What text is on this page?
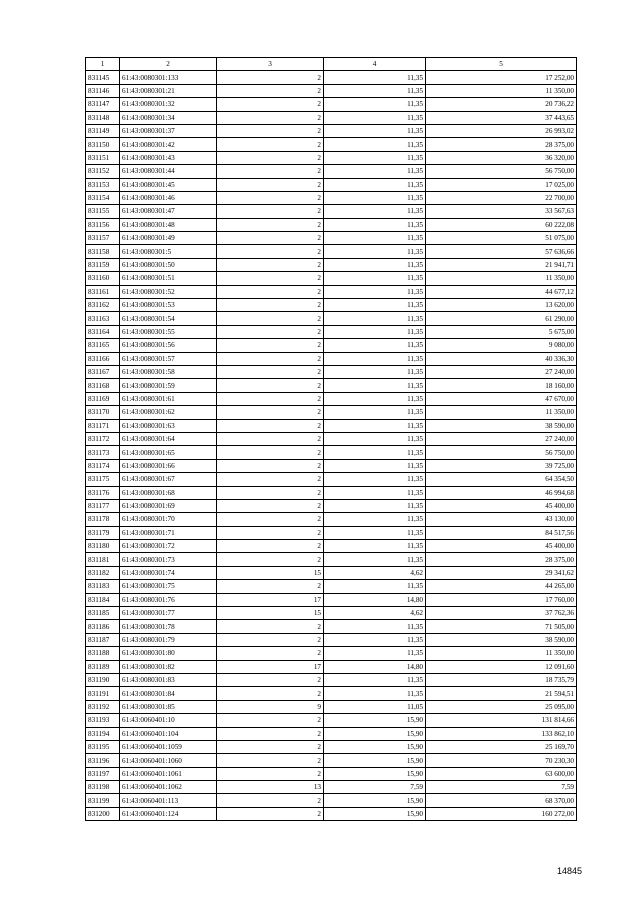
1	2	3	4	5
831145	61:43:0080301:133	2	11,35	17 252,00
831146	61:43:0080301:21	2	11,35	11 350,00
831147	61:43:0080301:32	2	11,35	20 736,22
831148	61:43:0080301:34	2	11,35	37 443,65
831149	61:43:0080301:37	2	11,35	26 993,02
831150	61:43:0080301:42	2	11,35	28 375,00
831151	61:43:0080301:43	2	11,35	36 320,00
831152	61:43:0080301:44	2	11,35	56 750,00
831153	61:43:0080301:45	2	11,35	17 025,00
831154	61:43:0080301:46	2	11,35	22 700,00
831155	61:43:0080301:47	2	11,35	33 567,63
831156	61:43:0080301:48	2	11,35	60 222,08
831157	61:43:0080301:49	2	11,35	51 075,00
831158	61:43:0080301:5	2	11,35	57 636,66
831159	61:43:0080301:50	2	11,35	21 941,71
831160	61:43:0080301:51	2	11,35	11 350,00
831161	61:43:0080301:52	2	11,35	44 677,12
831162	61:43:0080301:53	2	11,35	13 620,00
831163	61:43:0080301:54	2	11,35	61 290,00
831164	61:43:0080301:55	2	11,35	5 675,00
831165	61:43:0080301:56	2	11,35	9 080,00
831166	61:43:0080301:57	2	11,35	40 336,30
831167	61:43:0080301:58	2	11,35	27 240,00
831168	61:43:0080301:59	2	11,35	18 160,00
831169	61:43:0080301:61	2	11,35	47 670,00
831170	61:43:0080301:62	2	11,35	11 350,00
831171	61:43:0080301:63	2	11,35	38 590,00
831172	61:43:0080301:64	2	11,35	27 240,00
831173	61:43:0080301:65	2	11,35	56 750,00
831174	61:43:0080301:66	2	11,35	39 725,00
831175	61:43:0080301:67	2	11,35	64 354,50
831176	61:43:0080301:68	2	11,35	46 994,68
831177	61:43:0080301:69	2	11,35	45 400,00
831178	61:43:0080301:70	2	11,35	43 130,00
831179	61:43:0080301:71	2	11,35	84 517,56
831180	61:43:0080301:72	2	11,35	45 400,00
831181	61:43:0080301:73	2	11,35	28 375,00
831182	61:43:0080301:74	15	4,62	29 341,62
831183	61:43:0080301:75	2	11,35	44 265,00
831184	61:43:0080301:76	17	14,80	17 760,00
831185	61:43:0080301:77	15	4,62	37 762,36
831186	61:43:0080301:78	2	11,35	71 505,00
831187	61:43:0080301:79	2	11,35	38 590,00
831188	61:43:0080301:80	2	11,35	11 350,00
831189	61:43:0080301:82	17	14,80	12 091,60
831190	61:43:0080301:83	2	11,35	18 735,79
831191	61:43:0080301:84	2	11,35	21 594,51
831192	61:43:0080301:85	9	11,05	25 095,00
831193	61:43:0060401:10	2	15,90	131 814,66
831194	61:43:0060401:104	2	15,90	133 862,10
831195	61:43:0060401:1059	2	15,90	25 169,70
831196	61:43:0060401:1060	2	15,90	70 230,30
831197	61:43:0060401:1061	2	15,90	63 600,00
831198	61:43:0060401:1062	13	7,59	7,59
831199	61:43:0060401:113	2	15,90	68 370,00
831200	61:43:0060401:124	2	15,90	160 272,00
14845
